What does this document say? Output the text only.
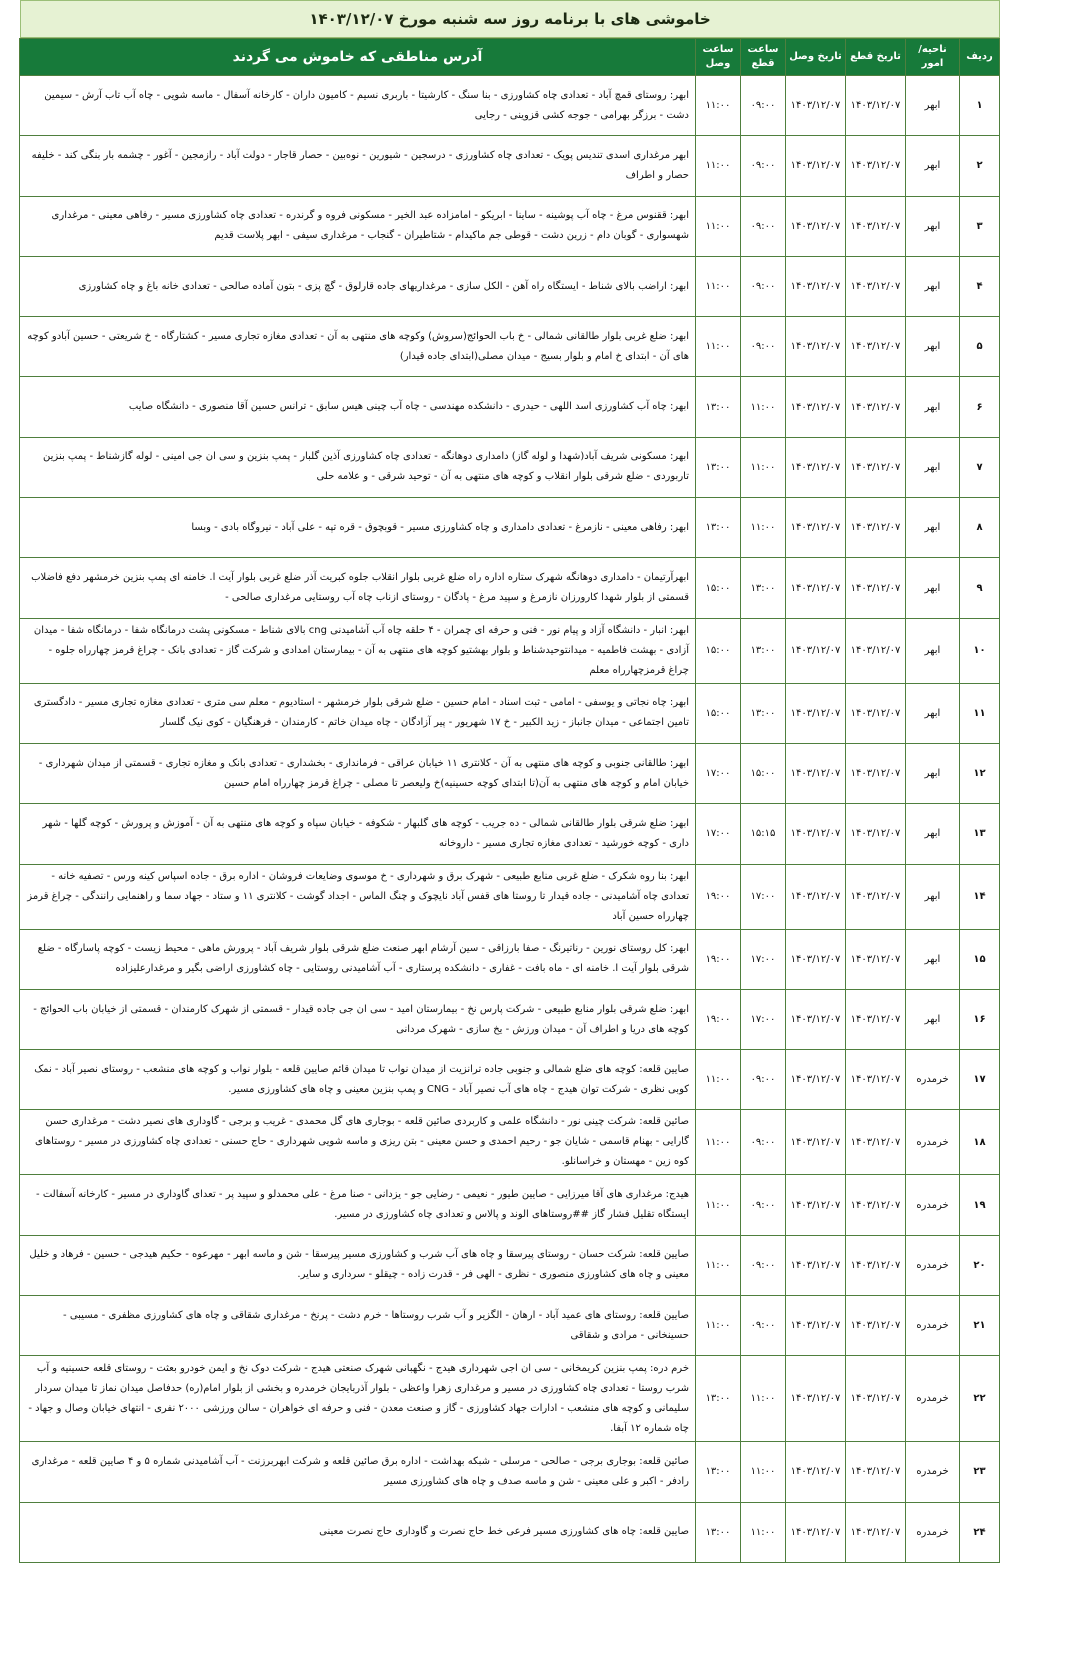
خاموشی های با برنامه روز سه شنبه مورخ ۱۴۰۳/۱۲/۰۷
ردیف	ناحیه/امور	تاریخ قطع	تاریخ وصل	ساعت قطع	ساعت وصل	آدرس مناطقی که خاموش می گردند
۱	ابهر	۱۴۰۳/۱۲/۰۷	۱۴۰۳/۱۲/۰۷	۰۹:۰۰	۱۱:۰۰	ابهر: روستای قمچ آباد - تعدادی چاه کشاورزی - بنا سنگ - کارشیتا - باربری نسیم - کامیون داران - کارخانه آسفال - ماسه شویی - چاه آب تاب آرش - سیمین دشت - برزگر بهرامی - جوجه کشی قزوینی - رجایی
۲	ابهر	۱۴۰۳/۱۲/۰۷	۱۴۰۳/۱۲/۰۷	۰۹:۰۰	۱۱:۰۰	ابهر مرغداری اسدی تندیس پویک - تعدادی چاه کشاورزی - درسجین - شیورین - نوه‌بین - حصار قاجار - دولت آباد - رازمجین - آغور - چشمه بار بنگی کند - خلیفه حصار و اطراف
۳	ابهر	۱۴۰۳/۱۲/۰۷	۱۴۰۳/۱۲/۰۷	۰۹:۰۰	۱۱:۰۰	ابهر: ققنوس مرغ - چاه آب پوشینه - ساینا - ابریکو - امامزاده عبد الخیر - مسکونی فروه و گرندره - تعدادی چاه کشاورزی مسیر - رفاهی معینی - مرغداری شهسواری - گوبان دام - زرین دشت - قوطی جم ماکیدام - شتاطیران - گنجاب - مرغداری سیفی - ابهر پلاست قدیم
۴	ابهر	۱۴۰۳/۱۲/۰۷	۱۴۰۳/۱۲/۰۷	۰۹:۰۰	۱۱:۰۰	ابهر: اراضب بالای شناط - ایستگاه راه آهن - الکل سازی - مرغداریهای جاده قارلوق - گچ پزی - بتون آماده صالحی - تعدادی خانه باغ و چاه کشاورزی
۵	ابهر	۱۴۰۳/۱۲/۰۷	۱۴۰۳/۱۲/۰۷	۰۹:۰۰	۱۱:۰۰	ابهر: ضلع غربی بلوار طالقانی شمالی - خ باب الحوائج(سروش) وکوچه های منتهی به آن - تعدادی مغازه تجاری مسیر - کشتارگاه - خ شریعتی - حسین آبادو کوچه های آن - ابتدای خ امام و بلوار بسیج - میدان مصلی(ابتدای جاده قیدار)
۶	ابهر	۱۴۰۳/۱۲/۰۷	۱۴۰۳/۱۲/۰۷	۱۱:۰۰	۱۳:۰۰	ابهر: چاه آب کشاورزی اسد اللهی - حیدری - دانشکده مهندسی - چاه آب چینی هیس سابق - ترانس حسین آقا منصوری - دانشگاه صایب
۷	ابهر	۱۴۰۳/۱۲/۰۷	۱۴۰۳/۱۲/۰۷	۱۱:۰۰	۱۳:۰۰	ابهر: مسکونی شریف آباد(شهدا و لوله گاز) دامداری دوهانگه - تعدادی چاه کشاورزی آذین گلبار - پمپ بنزین و سی ان جی امینی - لوله گازشناط - پمپ بنزین تاربوردی - ضلع شرقی بلوار انقلاب و کوچه های منتهی به آن - توحید شرقی - و علامه حلی
۸	ابهر	۱۴۰۳/۱۲/۰۷	۱۴۰۳/۱۲/۰۷	۱۱:۰۰	۱۳:۰۰	ابهر: رفاهی معینی - نازمرغ - تعدادی دامداری و چاه کشاورزی مسیر - قوبچوق - قره تپه - علی آباد - نیروگاه بادی - وبسا
۹	ابهر	۱۴۰۳/۱۲/۰۷	۱۴۰۳/۱۲/۰۷	۱۳:۰۰	۱۵:۰۰	ابهرآرتیمان - دامداری دوهانگه شهرک ستاره اداره راه ضلع غربی بلوار انقلاب جلوه کبریت آذر ضلع غربی بلوار آیت ا. خامنه ای پمپ بنزین خرمشهر دفع فاضلاب قسمتی از بلوار شهدا کارورزان نازمرغ و سپید مرغ - پادگان - روستای ازناب چاه آب روستایی مرغداری صالحی -
۱۰	ابهر	۱۴۰۳/۱۲/۰۷	۱۴۰۳/۱۲/۰۷	۱۳:۰۰	۱۵:۰۰	ابهر: انبار - دانشگاه آزاد و پیام نور - فنی و حرفه ای چمران - ۴ حلقه چاه آب آشامیدنی cng بالای شناط - مسکونی پشت درمانگاه شفا - درمانگاه شفا - میدان آزادی - بهشت فاطمیه - میدانتوحیدشناط و بلوار بهشتیو کوچه های منتهی به آن - بیمارستان امدادی و شرکت گاز - تعدادی بانک - چراغ قرمز چهارراه جلوه - چراغ قرمزچهارراه معلم
۱۱	ابهر	۱۴۰۳/۱۲/۰۷	۱۴۰۳/۱۲/۰۷	۱۳:۰۰	۱۵:۰۰	ابهر: چاه نجاتی و یوسفی - امامی - ثبت اسناد - امام حسین - ضلع شرقی بلوار خرمشهر - استادیوم - معلم سی متری - تعدادی مغازه تجاری مسیر - دادگستری تامین اجتماعی - میدان جانباز - زید الکبیر - خ ۱۷ شهریور - پیر آزادگان - چاه میدان خاتم - کارمندان - فرهنگیان - کوی نیک گلسار
۱۲	ابهر	۱۴۰۳/۱۲/۰۷	۱۴۰۳/۱۲/۰۷	۱۵:۰۰	۱۷:۰۰	ابهر: طالقانی جنوبی و کوچه های منتهی به آن - کلانتری ۱۱ خیابان عراقی - فرمانداری - بخشداری - تعدادی بانک و مغازه تجاری - قسمتی از میدان شهرداری - خیابان امام و کوچه های منتهی به آن(تا ابتدای کوچه حسینیه)خ ولیعصر تا مصلی - چراغ قرمز چهارراه امام حسین
۱۳	ابهر	۱۴۰۳/۱۲/۰۷	۱۴۰۳/۱۲/۰۷	۱۵:۱۵	۱۷:۰۰	ابهر: ضلع شرقی بلوار طالقانی شمالی - ده جریب - کوچه های گلبهار - شکوفه - خیابان سپاه و کوچه های منتهی به آن - آموزش و پرورش - کوچه گلها - شهر داری - کوچه خورشید - تعدادی مغازه تجاری مسیر - داروخانه
۱۴	ابهر	۱۴۰۳/۱۲/۰۷	۱۴۰۳/۱۲/۰۷	۱۷:۰۰	۱۹:۰۰	ابهر: بنا روه شکرک - ضلع غربی منابع طبیعی - شهرک برق و شهرداری - خ موسوی وضایعات فروشان - اداره برق - جاده اسپاس کینه ورس - تصفیه خانه - تعدادی چاه آشامیدنی - جاده قیدار تا روستا های قفس آباد نایچوک و چنگ الماس - اجداد گوشت - کلانتری ۱۱ و ستاد - جهاد سما و راهنمایی رانندگی - چراغ قرمز چهارراه حسین آباد
۱۵	ابهر	۱۴۰۳/۱۲/۰۷	۱۴۰۳/۱۲/۰۷	۱۷:۰۰	۱۹:۰۰	ابهر: کل روستای نورین - رناتیرنگ - صفا بارزاقی - سین آرشام ابهر صنعت ضلع شرقی بلوار شریف آباد - پرورش ماهی - محیط زیست - کوچه پاسارگاه - ضلع شرقی بلوار آیت ا. خامنه ای - ماه بافت - غفاری - دانشکده پرستاری - آب آشامیدنی روستایی - چاه کشاورزی اراضی بگیر و مرغدارعلیزاده
۱۶	ابهر	۱۴۰۳/۱۲/۰۷	۱۴۰۳/۱۲/۰۷	۱۷:۰۰	۱۹:۰۰	ابهر: ضلع شرقی بلوار منابع طبیعی - شرکت پارس نخ - بیمارستان امید - سی ان جی جاده قیدار - قسمتی از شهرک کارمندان - قسمتی از خیابان باب الحوائج - کوچه های دریا و اطراف آن - میدان ورزش - یخ سازی - شهرک مردانی
۱۷	خرمدره	۱۴۰۳/۱۲/۰۷	۱۴۰۳/۱۲/۰۷	۰۹:۰۰	۱۱:۰۰	صایین قلعه: کوچه های ضلع شمالی و جنوبی جاده ترانزیت از میدان نواب تا میدان قائم صایین قلعه - بلوار نواب و کوچه های منشعب - روستای نصیر آباد - نمک کوبی نظری - شرکت توان هیدج - چاه های آب نصیر آباد - CNG و پمپ بنزین معینی و چاه های کشاورزی مسیر.
۱۸	خرمدره	۱۴۰۳/۱۲/۰۷	۱۴۰۳/۱۲/۰۷	۰۹:۰۰	۱۱:۰۰	صائین قلعه: شرکت چینی نور - دانشگاه علمی و کاربردی صائین قلعه - بوجاری های گل محمدی - غریب و برجی - گاوداری های نصیر دشت - مرغداری حسن گارایی - بهنام قاسمی - شایان جو - رحیم احمدی و حسن معینی - بتن ریزی و ماسه شویی شهرداری - حاج حسنی - تعدادی چاه کشاورزی در مسیر - روستاهای کوه زین - مهستان و خراسانلو.
۱۹	خرمدره	۱۴۰۳/۱۲/۰۷	۱۴۰۳/۱۲/۰۷	۰۹:۰۰	۱۱:۰۰	هیدج: مرغداری های آقا میرزایی - صایین طیور - نعیمی - رضایی جو - یزدانی - صنا مرغ - علی محمدلو و سپید پر - تعدای گاوداری در مسیر - کارخانه آسفالت - ایستگاه تقلیل فشار گاز ##روستاهای الوند و پالاس و تعدادی چاه کشاورزی در مسیر.
۲۰	خرمدره	۱۴۰۳/۱۲/۰۷	۱۴۰۳/۱۲/۰۷	۰۹:۰۰	۱۱:۰۰	صایین قلعه: شرکت حسان - روستای پیرسقا و چاه های آب شرب و کشاورزی مسیر پیرسقا - شن و ماسه ابهر - مهرعوه - حکیم هیدجی - حسین - فرهاد و خلیل معینی و چاه های کشاورزی منصوری - نظری - الهی فر - قدرت زاده - چیقلو - سرداری و سایر.
۲۱	خرمدره	۱۴۰۳/۱۲/۰۷	۱۴۰۳/۱۲/۰۷	۰۹:۰۰	۱۱:۰۰	صایین قلعه: روستای های عمید آباد - ارهان - الگزیر و آب شرب روستاها - خرم دشت - پرنخ - مرغداری شقاقی و چاه های کشاورزی مظفری - مسیبی - حسینخانی - مرادی و شقاقی
۲۲	خرمدره	۱۴۰۳/۱۲/۰۷	۱۴۰۳/۱۲/۰۷	۱۱:۰۰	۱۳:۰۰	خرم دره: پمپ بنزین کریمخانی - سی ان اجی شهرداری هیدج - نگهبانی شهرک صنعتی هیدج - شرکت دوک نخ و ایمن خودرو بعثت - روستای قلعه حسینیه و آب شرب روستا - تعدادی چاه کشاورزی در مسیر و مرغداری زهرا واعظی - بلوار آذربایجان خرمدره و بخشی از بلوار امام(ره) حدفاصل میدان نماز تا میدان سردار سلیمانی و کوچه های منشعب - ادارات جهاد کشاورزی - گاز و صنعت معدن - فنی و حرفه ای خواهران - سالن ورزشی ۲۰۰۰ نفری - انتهای خیابان وصال و جهاد - چاه شماره ۱۲ آبفا.
۲۳	خرمدره	۱۴۰۳/۱۲/۰۷	۱۴۰۳/۱۲/۰۷	۱۱:۰۰	۱۳:۰۰	صائین قلعه: بوجاری برجی - صالحی - مرسلی - شبکه بهداشت - اداره برق صائین قلعه و شرکت ابهربرزنت - آب آشامیدنی شماره ۵ و ۴ صایین قلعه - مرغداری رادفر - اکبر و علی معینی - شن و ماسه صدف و چاه های کشاورزی مسیر
۲۴	خرمدره	۱۴۰۳/۱۲/۰۷	۱۴۰۳/۱۲/۰۷	۱۱:۰۰	۱۳:۰۰	صایین قلعه: چاه های کشاورزی مسیر فرعی خط حاج نصرت و گاوداری حاج نصرت معینی
